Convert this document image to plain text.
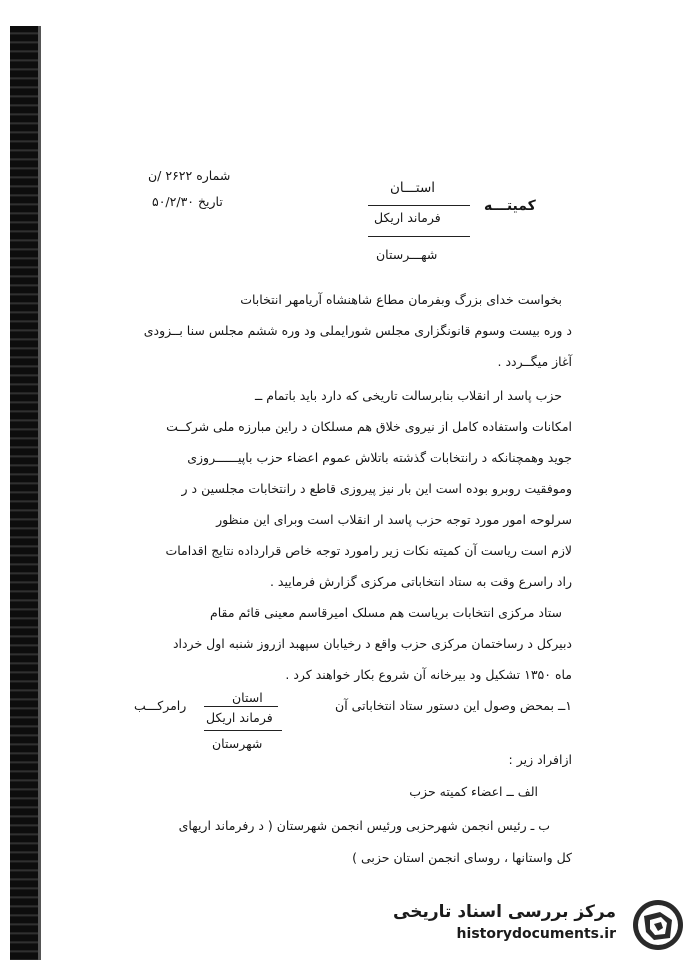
شماره ۲۶۲۲ /ن
تاریخ ۵۰/۲/۳۰	کمیتـــه
استـــان
فرماند اریکل
شهـــرستان
بخواست خدای بزرگ وبفرمان مطاع شاهنشاه آریامهر انتخابات
د وره بیست وسوم قانونگزاری مجلس شورایملی ود وره ششم مجلس سنا بــزودی
آغاز میگــردد .
حزب پاسد ار انقلاب بنابرسالت تاریخی که دارد باید باتمام ــ
امکانات واستفاده کامل از نیروی خلاق هم مسلکان د راین مبارزه ملی شرکــت
جوید وهمچنانکه د رانتخابات گذشته باتلاش عموم اعضاء حزب باپیــــــروزی
وموفقیت روبرو بوده است این بار نیز پیروزی قاطع د رانتخابات مجلسین د ر
سرلوحه امور مورد توجه حزب پاسد ار انقلاب است وبرای این منظور
لازم است ریاست آن کمیته نکات زیر رامورد توجه خاص قرارداده نتایج اقدامات
راد راسرع وقت به ستاد انتخاباتی مرکزی گزارش فرمایید .
ستاد مرکزی انتخابات بریاست هم مسلک امیرقاسم معینی قائم مقام
دبیرکل د رساختمان مرکزی حزب واقع د رخیابان سپهبد ازروز شنبه اول خرداد
ماه ۱۳۵۰ تشکیل ود بیرخانه آن شروع بکار خواهند کرد .
۱ــ بمحض وصول این دستور ستاد انتخاباتی آن
استان
فرماند اریکل
شهرستان
رامرکـــب
ازافراد زیر :
الف ــ اعضاء کمیته حزب
ب ـ رئیس انجمن شهرحزبی ورئیس انجمن شهرستان ( د رفرماند اریهای
کل واستانها ، روسای انجمن استان حزبی )
مرکز بررسی اسناد تاریخی
historydocuments.ir
